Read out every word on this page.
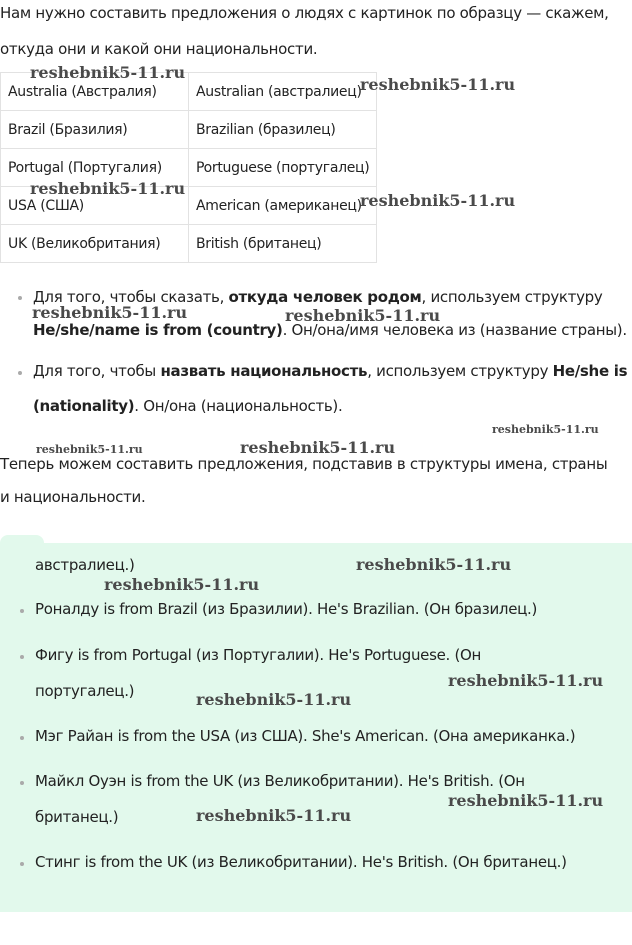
Нам нужно составить предложения о людях с картинок по образцу — скажем,
откуда они и какой они национальности.
Australia (Австралия)	Australian (австралиец)
Brazil (Бразилия)	Brazilian (бразилец)
Portugal (Португалия)	Portuguese (португалец)
USA (США)	American (американец)
UK (Великобритания)	British (британец)
Для того, чтобы сказать, откуда человек родом, используем структуру
He/she/name is from (country). Он/она/имя человека из (название страны).
Для того, чтобы назвать национальность, используем структуру He/she is
(nationality). Он/она (национальность).
Теперь можем составить предложения, подставив в структуры имена, страны
и национальности.
австралиец.)
Роналду is from Brazil (из Бразилии). He's Brazilian. (Он бразилец.)
Фигу is from Portugal (из Португалии). He's Portuguese. (Он
португалец.)
Мэг Райан is from the USA (из США). She's American. (Она американка.)
Майкл Оуэн is from the UK (из Великобритании). He's British. (Он
британец.)
Стинг is from the UK (из Великобритании). He's British. (Он британец.)
reshebnik5-11.ru
reshebnik5-11.ru
reshebnik5-11.ru
reshebnik5-11.ru
reshebnik5-11.ru	reshebnik5-11.ru
reshebnik5-11.ru
reshebnik5-11.ru	reshebnik5-11.ru
reshebnik5-11.ru
reshebnik5-11.ru
reshebnik5-11.ru
reshebnik5-11.ru
reshebnik5-11.ru
reshebnik5-11.ru
